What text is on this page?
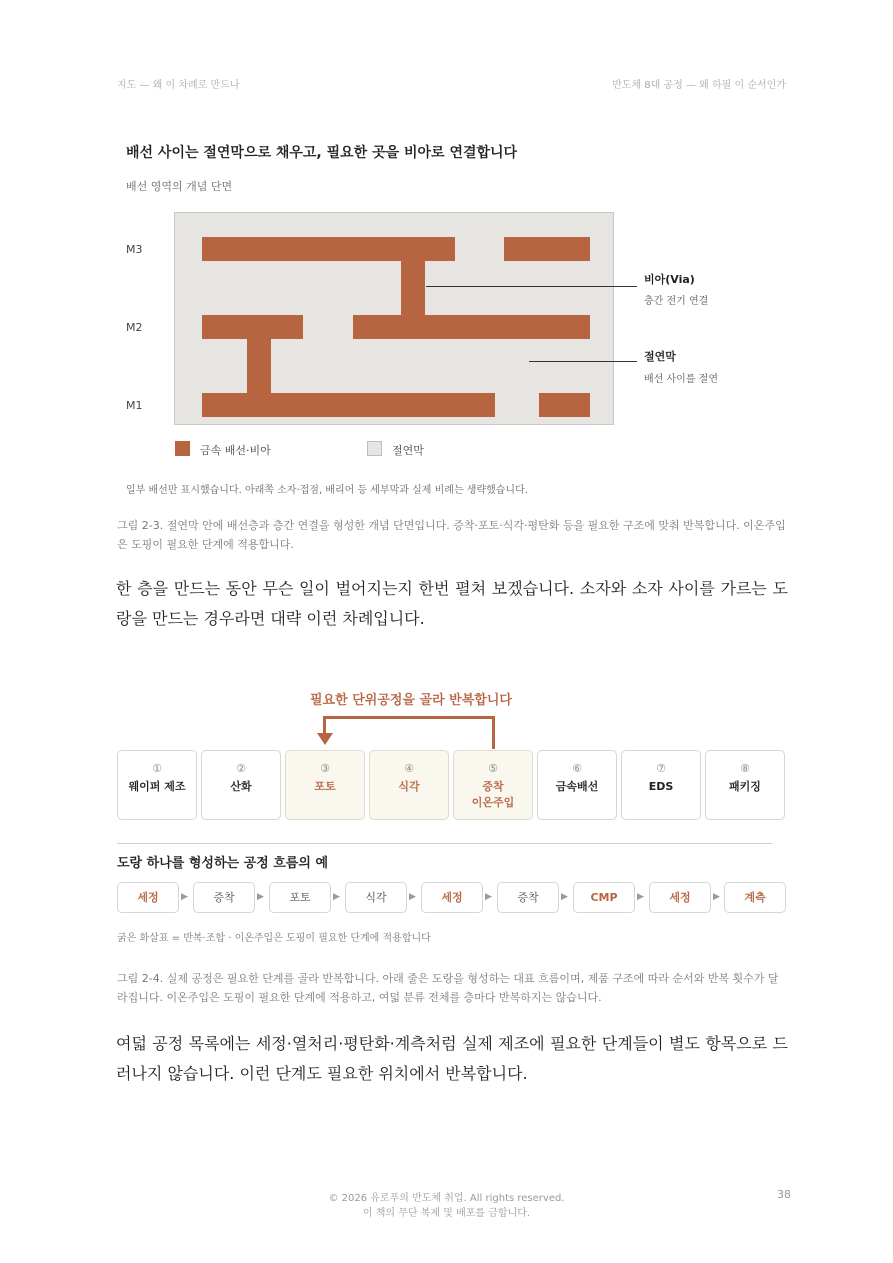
지도 — 왜 이 차례로 만드나	반도체 8대 공정 — 왜 하필 이 순서인가
배선 사이는 절연막으로 채우고, 필요한 곳을 비아로 연결합니다
배선 영역의 개념 단면
M3
M2
M1
비아(Via)
층간 전기 연결
절연막
배선 사이를 절연
금속 배선·비아	절연막
일부 배선만 표시했습니다. 아래쪽 소자·접점, 배리어 등 세부막과 실제 비례는 생략했습니다.
그림 2-3. 절연막 안에 배선층과 층간 연결을 형성한 개념 단면입니다. 증착·포토·식각·평탄화 등을 필요한 구조에 맞춰 반복합니다. 이온주입은 도핑이 필요한 단계에 적용합니다.
한 층을 만드는 동안 무슨 일이 벌어지는지 한번 펼쳐 보겠습니다. 소자와 소자 사이를 가르는 도랑을 만드는 경우라면 대략 이런 차례입니다.
필요한 단위공정을 골라 반복합니다
①
웨이퍼 제조
②
산화
③
포토
④
식각
⑤
증착
이온주입
⑥
금속배선
⑦
EDS
⑧
패키징
도랑 하나를 형성하는 공정 흐름의 예
세정	▶	증착	▶	포토	▶	식각	▶	세정	▶	증착	▶	CMP	▶	세정	▶	계측
굵은 화살표 = 반복·조합 · 이온주입은 도핑이 필요한 단계에 적용합니다
그림 2-4. 실제 공정은 필요한 단계를 골라 반복합니다. 아래 줄은 도랑을 형성하는 대표 흐름이며, 제품 구조에 따라 순서와 반복 횟수가 달라집니다. 이온주입은 도핑이 필요한 단계에 적용하고, 여덟 분류 전체를 층마다 반복하지는 않습니다.
여덟 공정 목록에는 세정·열처리·평탄화·계측처럼 실제 제조에 필요한 단계들이 별도 항목으로 드러나지 않습니다. 이런 단계도 필요한 위치에서 반복합니다.
© 2026 유로푸의 반도체 취업. All rights reserved.
이 책의 무단 복제 및 배포를 금합니다.
38
